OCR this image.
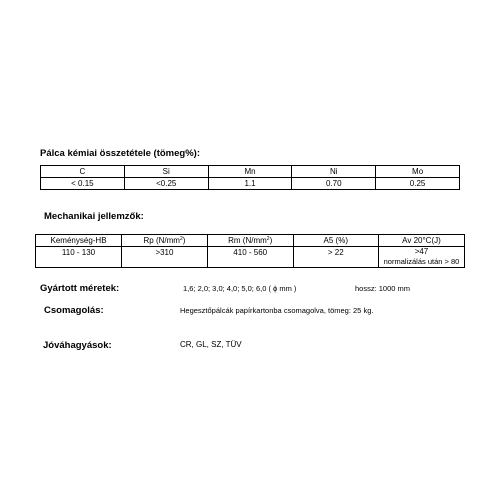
Pálca kémiai összetétele (tömeg%):
C	Si	Mn	Ni	Mo
< 0.15	<0.25	1.1	0.70	0.25
Mechanikai jellemzők:
Keménység-HB	Rp $(N/mm^2)$	Rm $(N/mm^2)$	A5 (%)	Av 20°C(J)
110 - 130	>310	410 - 560	> 22	>47
normalizálás után > 80
Gyártott méretek:	1,6; 2,0; 3,0; 4,0; 5,0; 6,0 ( ϕ mm )	hossz: 1000 mm
Csomagolás:	Hegesztőpálcák papírkartonba csomagolva, tömeg: 25 kg.
Jóváhagyások:	CR, GL, SZ, TÜV
